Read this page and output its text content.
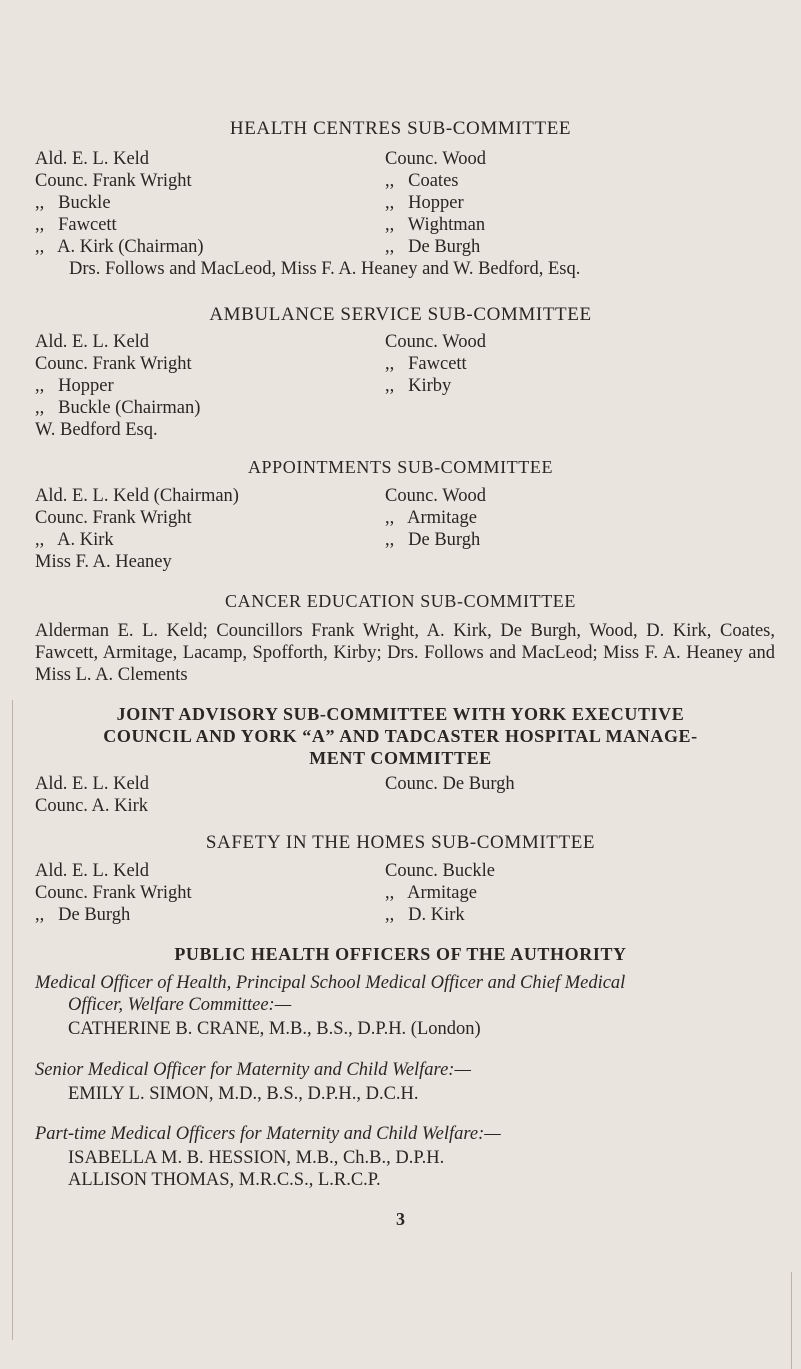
HEALTH CENTRES SUB-COMMITTEE
Ald. E. L. Keld
Counc. Frank Wright
,,   Buckle
,,   Fawcett
,,   A. Kirk (Chairman)
Counc. Wood
,,   Coates
,,   Hopper
,,   Wightman
,,   De Burgh
Drs. Follows and MacLeod, Miss F. A. Heaney and W. Bedford, Esq.
AMBULANCE SERVICE SUB-COMMITTEE
Ald. E. L. Keld
Counc. Frank Wright
,,   Hopper
,,   Buckle (Chairman)
W. Bedford Esq.
Counc. Wood
,,   Fawcett
,,   Kirby
APPOINTMENTS SUB-COMMITTEE
Ald. E. L. Keld (Chairman)
Counc. Frank Wright
,,   A. Kirk
Miss F. A. Heaney
Counc. Wood
,,   Armitage
,,   De Burgh
CANCER EDUCATION SUB-COMMITTEE
Alderman E. L. Keld; Councillors Frank Wright, A. Kirk, De Burgh, Wood, D. Kirk, Coates, Fawcett, Armitage, Lacamp, Spofforth, Kirby; Drs. Follows and MacLeod; Miss F. A. Heaney and Miss L. A. Clements
JOINT ADVISORY SUB-COMMITTEE WITH YORK EXECUTIVE
COUNCIL AND YORK “A” AND TADCASTER HOSPITAL MANAGE-
MENT COMMITTEE
Ald. E. L. Keld
Counc. A. Kirk
Counc. De Burgh
SAFETY IN THE HOMES SUB-COMMITTEE
Ald. E. L. Keld
Counc. Frank Wright
,,   De Burgh
Counc. Buckle
,,   Armitage
,,   D. Kirk
PUBLIC HEALTH OFFICERS OF THE AUTHORITY
Medical Officer of Health, Principal School Medical Officer and Chief Medical
Officer, Welfare Committee:—
CATHERINE B. CRANE, M.B., B.S., D.P.H. (London)
Senior Medical Officer for Maternity and Child Welfare:—
EMILY L. SIMON, M.D., B.S., D.P.H., D.C.H.
Part-time Medical Officers for Maternity and Child Welfare:—
ISABELLA M. B. HESSION, M.B., Ch.B., D.P.H.
ALLISON THOMAS, M.R.C.S., L.R.C.P.
3
